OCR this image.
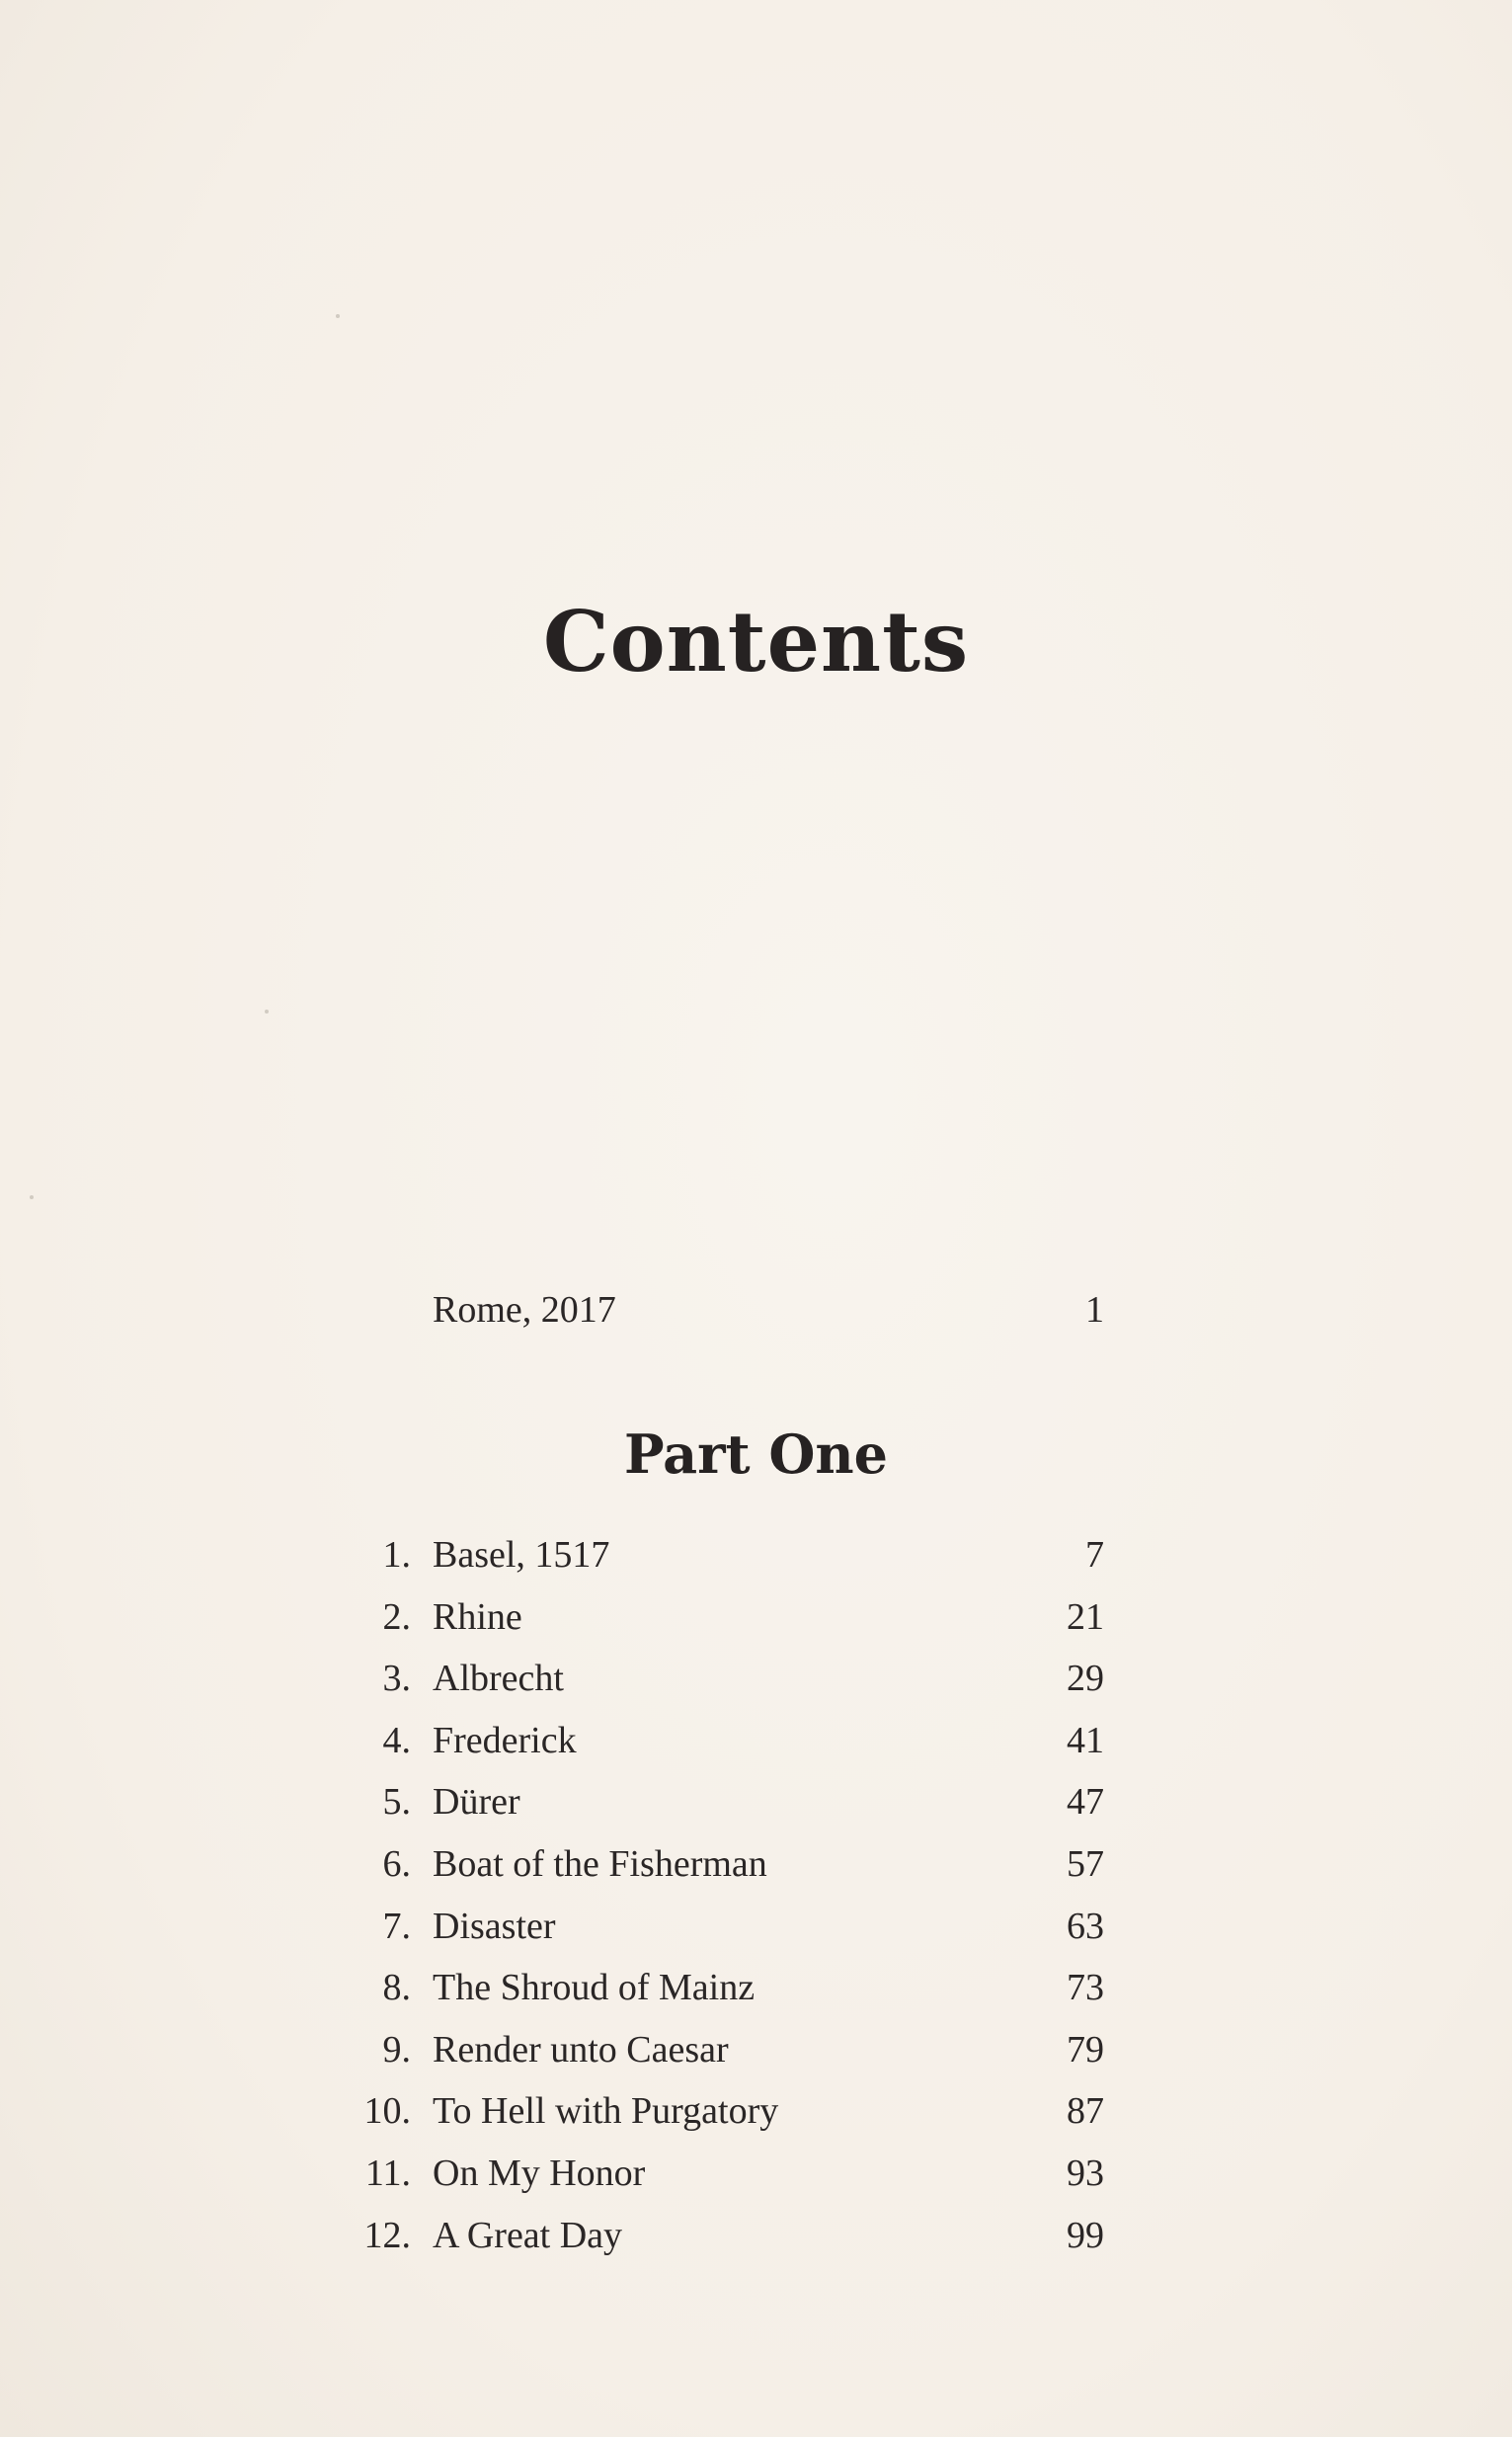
Contents
Rome, 2017	1
Part One
1. Basel, 1517	7
2. Rhine	21
3. Albrecht	29
4. Frederick	41
5. Dürer	47
6. Boat of the Fisherman	57
7. Disaster	63
8. The Shroud of Mainz	73
9. Render unto Caesar	79
10. To Hell with Purgatory	87
11. On My Honor	93
12. A Great Day	99
